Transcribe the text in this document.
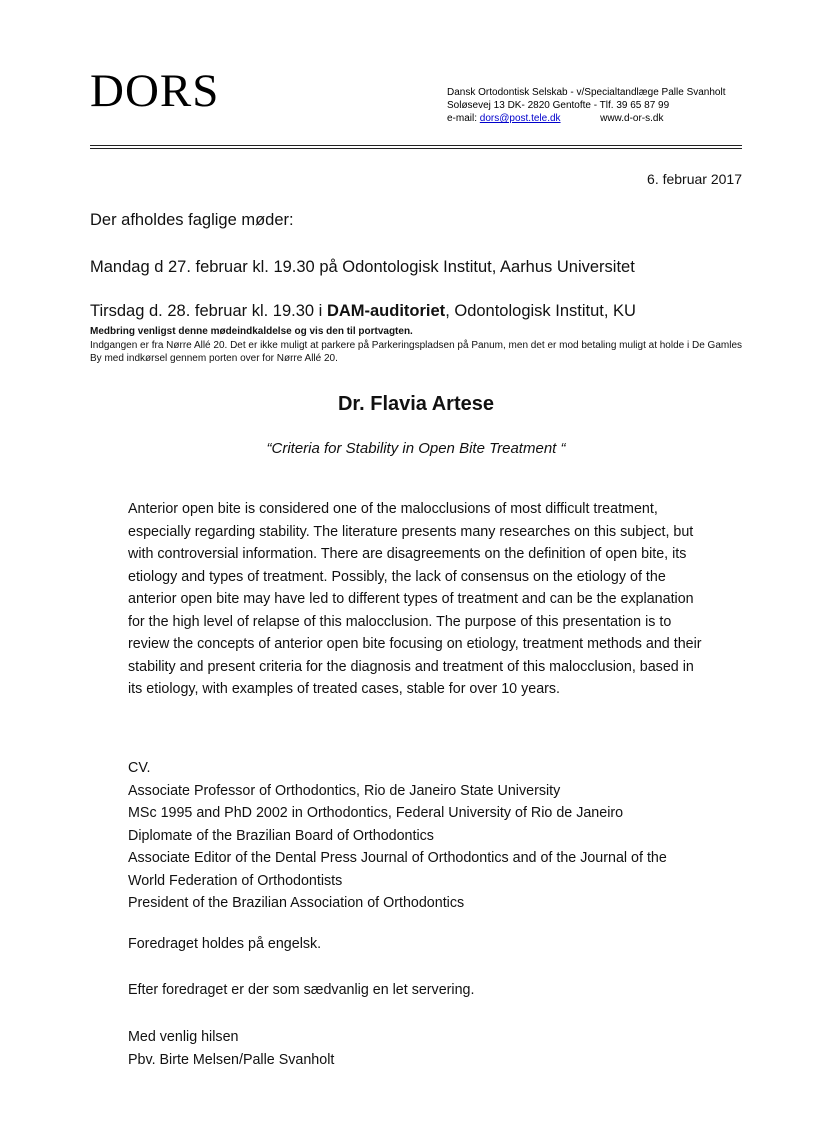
DORS	Dansk Ortodontisk Selskab - v/Specialtandlæge Palle Svanholt
Soløsevej 13 DK- 2820 Gentofte - Tlf. 39 65 87 99
e-mail: dors@post.tele.dk	www.d-or-s.dk
6. februar 2017
Der afholdes faglige møder:
Mandag d 27. februar kl. 19.30 på Odontologisk Institut, Aarhus Universitet
Tirsdag d. 28. februar kl. 19.30 i DAM-auditoriet, Odontologisk Institut, KU
Medbring venligst denne mødeindkaldelse og vis den til portvagten.
Indgangen er fra Nørre Allé 20. Det er ikke muligt at parkere på Parkeringspladsen på Panum, men det er mod betaling muligt at holde i De Gamles By med indkørsel gennem porten over for Nørre Allé 20.
Dr. Flavia Artese
“Criteria for Stability in Open Bite Treatment “

Anterior open bite is considered one of the malocclusions of most difficult treatment, especially regarding stability. The literature presents many researches on this subject, but with controversial information. There are disagreements on the definition of open bite, its etiology and types of treatment. Possibly, the lack of consensus on the etiology of the anterior open bite may have led to different types of treatment and can be the explanation for the high level of relapse of this malocclusion. The purpose of this presentation is to review the concepts of anterior open bite focusing on etiology, treatment methods and their stability and present criteria for the diagnosis and treatment of this malocclusion, based in its etiology, with examples of treated cases, stable for over 10 years.

CV.
Associate Professor of Orthodontics, Rio de Janeiro State University
MSc 1995 and PhD 2002 in Orthodontics, Federal University of Rio de Janeiro
Diplomate of the Brazilian Board of Orthodontics
Associate Editor of the Dental Press Journal of Orthodontics and of the Journal of the
World Federation of Orthodontists
President of the Brazilian Association of Orthodontics
Foredraget holdes på engelsk.
Efter foredraget er der som sædvanlig en let servering.
Med venlig hilsen
Pbv. Birte Melsen/Palle Svanholt
